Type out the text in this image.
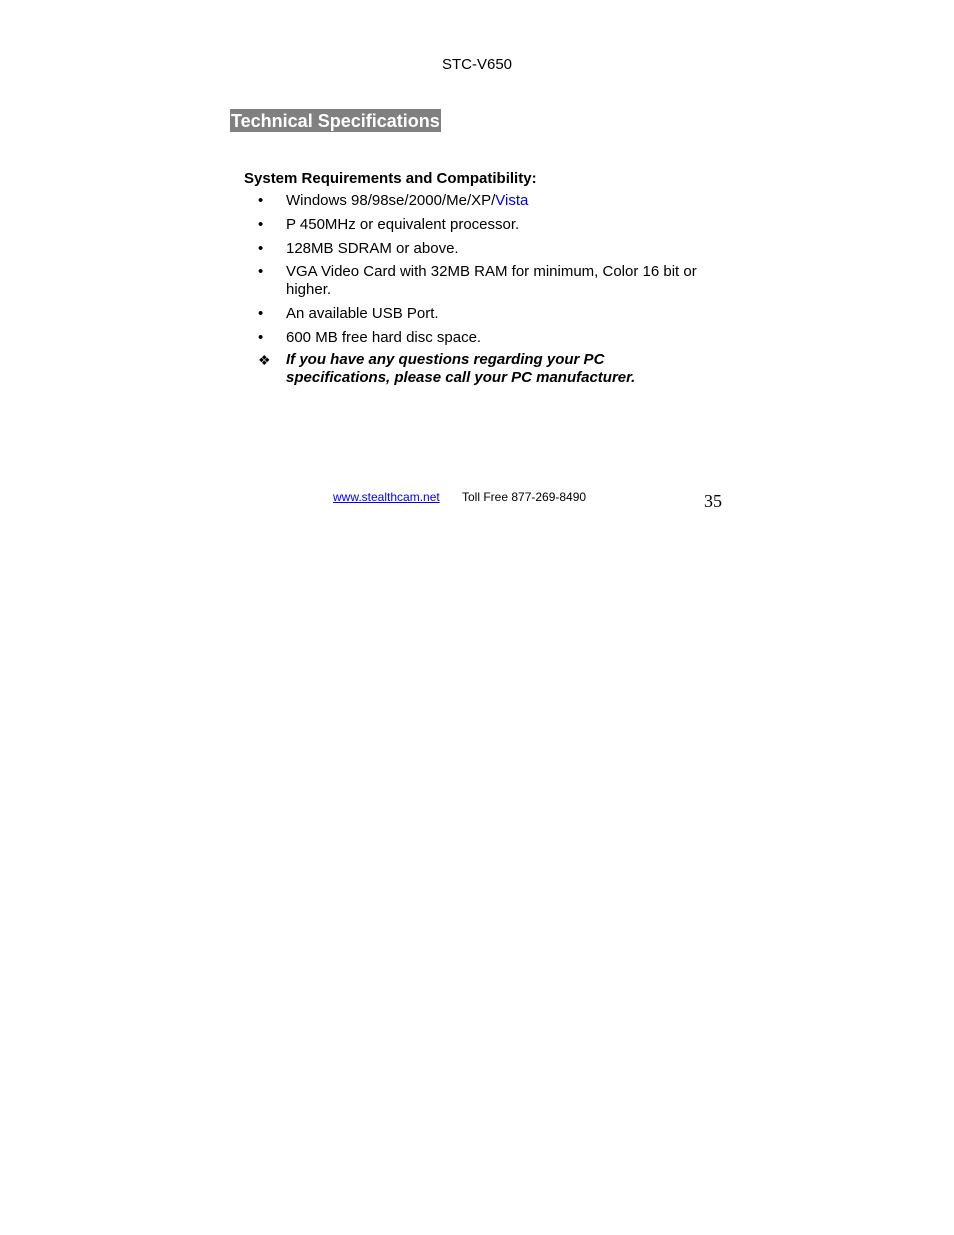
STC-V650
Technical Specifications
System Requirements and Compatibility:
• Windows 98/98se/2000/Me/XP/Vista
• P 450MHz or equivalent processor.
• 128MB SDRAM or above.
• VGA Video Card with 32MB RAM for minimum, Color 16 bit or higher.
• An available USB Port.
• 600 MB free hard disc space.
❖ If you have any questions regarding your PC specifications, please call your PC manufacturer.
www.stealthcam.net Toll Free 877-269-8490	35
